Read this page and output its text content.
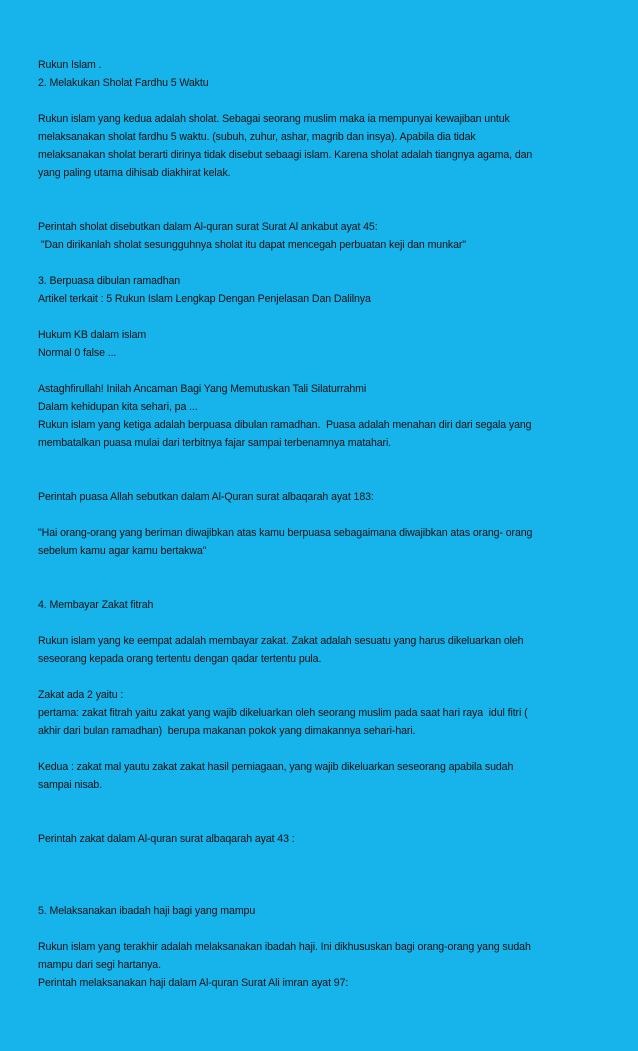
Rukun Islam .

2. Melakukan Sholat Fardhu 5 Waktu

Rukun islam yang kedua adalah sholat. Sebagai seorang muslim maka ia mempunyai kewajiban untuk

melaksanakan sholat fardhu 5 waktu. (subuh, zuhur, ashar, magrib dan insya). Apabila dia tidak

melaksanakan sholat berarti dirinya tidak disebut sebaagi islam. Karena sholat adalah tiangnya agama, dan

yang paling utama dihisab diakhirat kelak.

Perintah sholat disebutkan dalam Al-quran surat Surat Al ankabut ayat 45:

"Dan dirikanlah sholat sesungguhnya sholat itu dapat mencegah perbuatan keji dan munkar"

3. Berpuasa dibulan ramadhan

Artikel terkait : 5 Rukun Islam Lengkap Dengan Penjelasan Dan Dalilnya

Hukum KB dalam islam

Normal 0 false ...

Astaghfirullah! Inilah Ancaman Bagi Yang Memutuskan Tali Silaturrahmi

Dalam kehidupan kita sehari, pa ...

Rukun islam yang ketiga adalah berpuasa dibulan ramadhan.  Puasa adalah menahan diri dari segala yang

membatalkan puasa mulai dari terbitnya fajar sampai terbenamnya matahari.

Perintah puasa Allah sebutkan dalam Al-Quran surat albaqarah ayat 183:

"Hai orang-orang yang beriman diwajibkan atas kamu berpuasa sebagaimana diwajibkan atas orang- orang

sebelum kamu agar kamu bertakwa"

4. Membayar Zakat fitrah

Rukun islam yang ke eempat adalah membayar zakat. Zakat adalah sesuatu yang harus dikeluarkan oleh

seseorang kepada orang tertentu dengan qadar tertentu pula.

Zakat ada 2 yaitu :

pertama: zakat fitrah yaitu zakat yang wajib dikeluarkan oleh seorang muslim pada saat hari raya  idul fitri (

akhir dari bulan ramadhan)  berupa makanan pokok yang dimakannya sehari-hari.

Kedua : zakat mal yautu zakat zakat hasil perniagaan, yang wajib dikeluarkan seseorang apabila sudah

sampai nisab.

Perintah zakat dalam Al-quran surat albaqarah ayat 43 :

5. Melaksanakan ibadah haji bagi yang mampu

Rukun islam yang terakhir adalah melaksanakan ibadah haji. Ini dikhususkan bagi orang-orang yang sudah

mampu dari segi hartanya.

Perintah melaksanakan haji dalam Al-quran Surat Ali imran ayat 97:
